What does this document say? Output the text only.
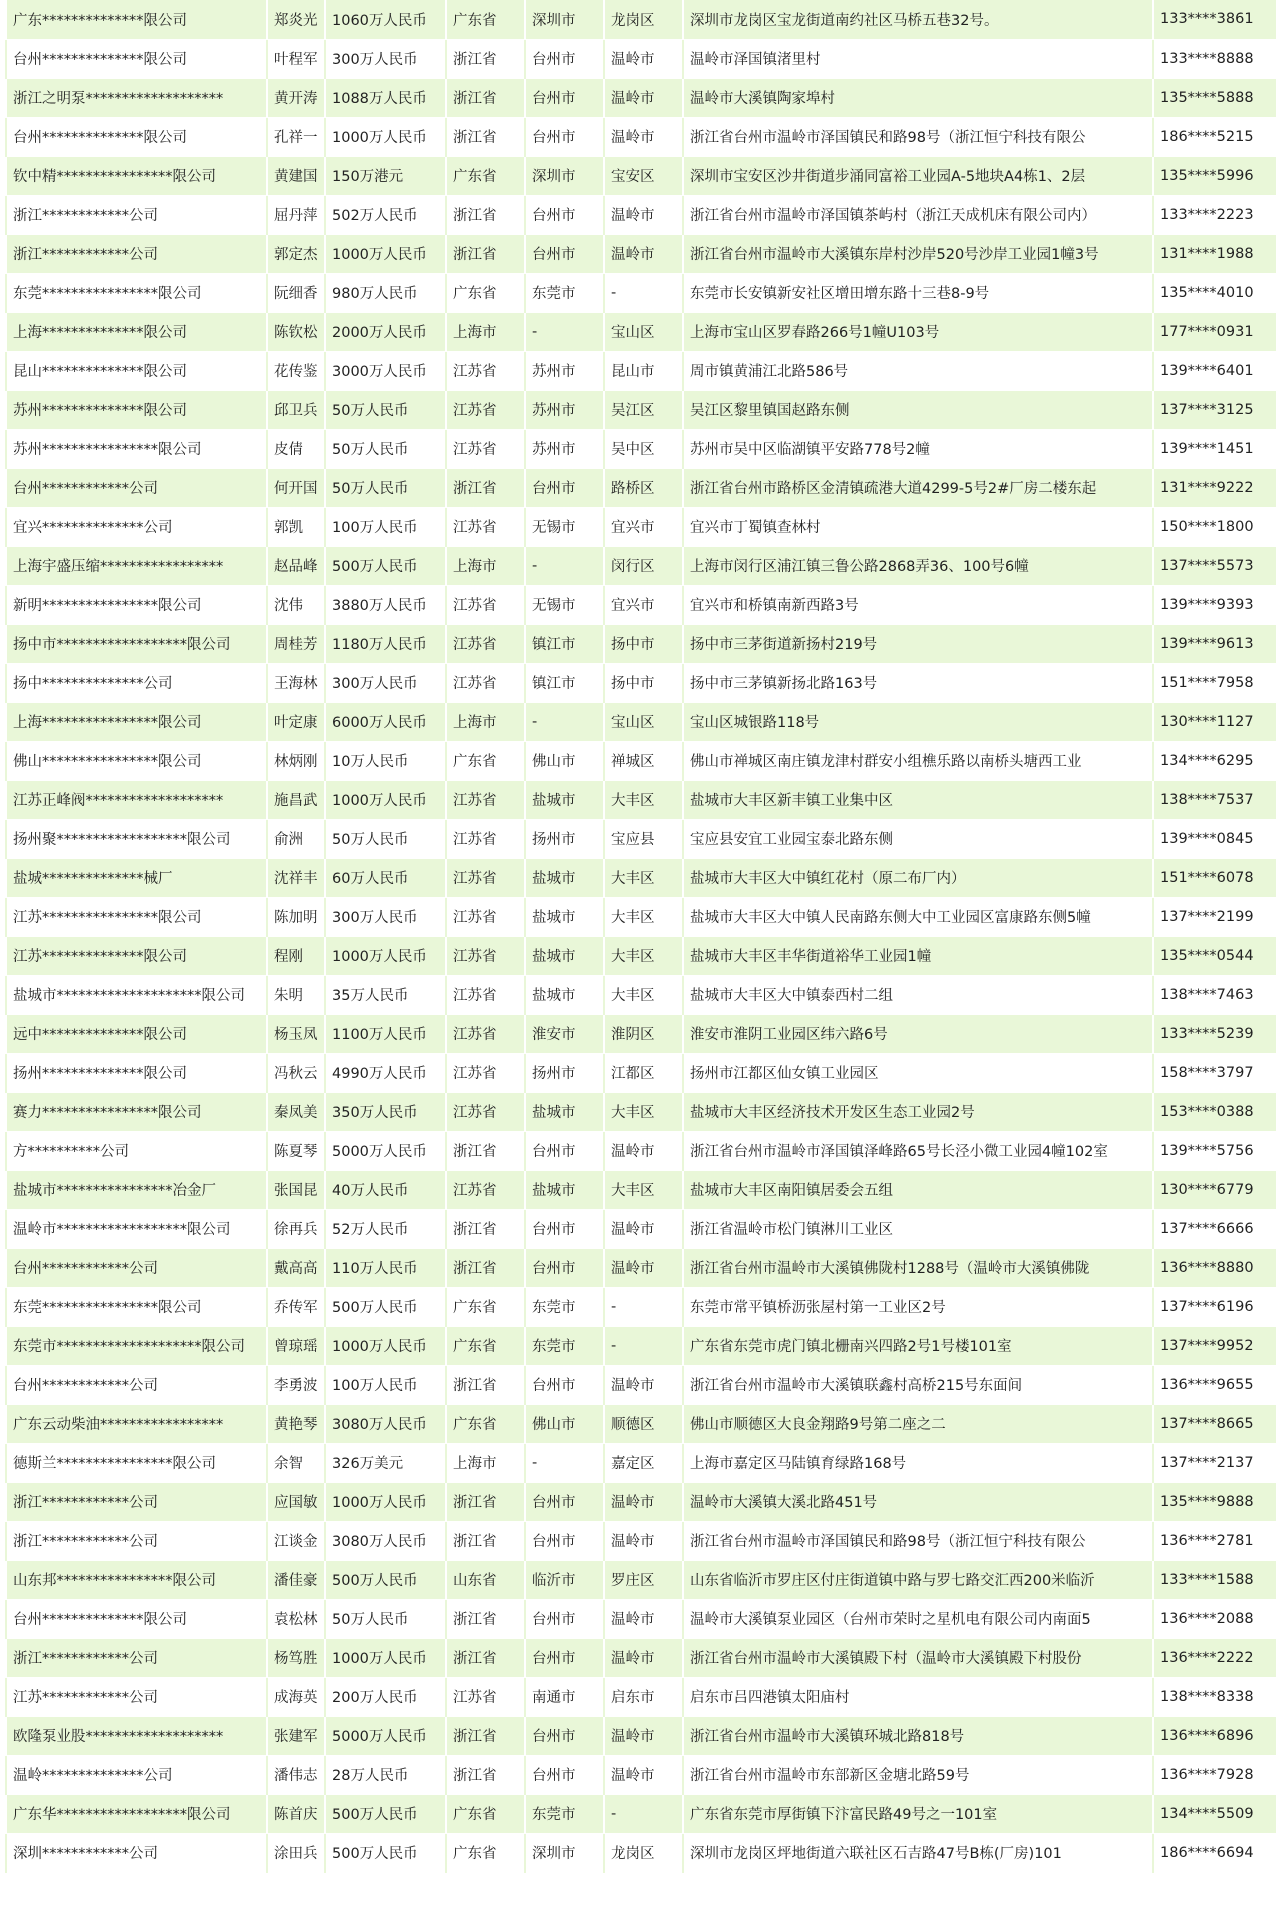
广东**************限公司	郑炎光	1060万人民币	广东省	深圳市	龙岗区	深圳市龙岗区宝龙街道南约社区马桥五巷32号。	133****3861
台州**************限公司	叶程军	300万人民币	浙江省	台州市	温岭市	温岭市泽国镇渚里村	133****8888
浙江之明泵*******************	黄开涛	1088万人民币	浙江省	台州市	温岭市	温岭市大溪镇陶家埠村	135****5888
台州**************限公司	孔祥一	1000万人民币	浙江省	台州市	温岭市	浙江省台州市温岭市泽国镇民和路98号（浙江恒宁科技有限公	186****5215
钦中精****************限公司	黄建国	150万港元	广东省	深圳市	宝安区	深圳市宝安区沙井街道步涌同富裕工业园A-5地块A4栋1、2层	135****5996
浙江************公司	屈丹萍	502万人民币	浙江省	台州市	温岭市	浙江省台州市温岭市泽国镇茶屿村（浙江天成机床有限公司内）	133****2223
浙江************公司	郭定杰	1000万人民币	浙江省	台州市	温岭市	浙江省台州市温岭市大溪镇东岸村沙岸520号沙岸工业园1幢3号	131****1988
东莞****************限公司	阮细香	980万人民币	广东省	东莞市	-	东莞市长安镇新安社区增田增东路十三巷8-9号	135****4010
上海**************限公司	陈钦松	2000万人民币	上海市	-	宝山区	上海市宝山区罗春路266号1幢U103号	177****0931
昆山**************限公司	花传鉴	3000万人民币	江苏省	苏州市	昆山市	周市镇黄浦江北路586号	139****6401
苏州**************限公司	邱卫兵	50万人民币	江苏省	苏州市	吴江区	吴江区黎里镇国赵路东侧	137****3125
苏州****************限公司	皮倩	50万人民币	江苏省	苏州市	吴中区	苏州市吴中区临湖镇平安路778号2幢	139****1451
台州************公司	何开国	50万人民币	浙江省	台州市	路桥区	浙江省台州市路桥区金清镇疏港大道4299-5号2#厂房二楼东起	131****9222
宜兴**************公司	郭凯	100万人民币	江苏省	无锡市	宜兴市	宜兴市丁蜀镇查林村	150****1800
上海宇盛压缩*****************	赵品峰	500万人民币	上海市	-	闵行区	上海市闵行区浦江镇三鲁公路2868弄36、100号6幢	137****5573
新明****************限公司	沈伟	3880万人民币	江苏省	无锡市	宜兴市	宜兴市和桥镇南新西路3号	139****9393
扬中市******************限公司	周桂芳	1180万人民币	江苏省	镇江市	扬中市	扬中市三茅街道新扬村219号	139****9613
扬中**************公司	王海林	300万人民币	江苏省	镇江市	扬中市	扬中市三茅镇新扬北路163号	151****7958
上海****************限公司	叶定康	6000万人民币	上海市	-	宝山区	宝山区城银路118号	130****1127
佛山****************限公司	林炳刚	10万人民币	广东省	佛山市	禅城区	佛山市禅城区南庄镇龙津村群安小组樵乐路以南桥头塘西工业	134****6295
江苏正峰阀*******************	施昌武	1000万人民币	江苏省	盐城市	大丰区	盐城市大丰区新丰镇工业集中区	138****7537
扬州聚******************限公司	俞洲	50万人民币	江苏省	扬州市	宝应县	宝应县安宜工业园宝泰北路东侧	139****0845
盐城**************械厂	沈祥丰	60万人民币	江苏省	盐城市	大丰区	盐城市大丰区大中镇红花村（原二布厂内）	151****6078
江苏****************限公司	陈加明	300万人民币	江苏省	盐城市	大丰区	盐城市大丰区大中镇人民南路东侧大中工业园区富康路东侧5幢	137****2199
江苏**************限公司	程刚	1000万人民币	江苏省	盐城市	大丰区	盐城市大丰区丰华街道裕华工业园1幢	135****0544
盐城市********************限公司	朱明	35万人民币	江苏省	盐城市	大丰区	盐城市大丰区大中镇泰西村二组	138****7463
远中**************限公司	杨玉凤	1100万人民币	江苏省	淮安市	淮阴区	淮安市淮阴工业园区纬六路6号	133****5239
扬州**************限公司	冯秋云	4990万人民币	江苏省	扬州市	江都区	扬州市江都区仙女镇工业园区	158****3797
赛力****************限公司	秦凤美	350万人民币	江苏省	盐城市	大丰区	盐城市大丰区经济技术开发区生态工业园2号	153****0388
方**********公司	陈夏琴	5000万人民币	浙江省	台州市	温岭市	浙江省台州市温岭市泽国镇泽峰路65号长泾小微工业园4幢102室	139****5756
盐城市****************冶金厂	张国昆	40万人民币	江苏省	盐城市	大丰区	盐城市大丰区南阳镇居委会五组	130****6779
温岭市******************限公司	徐再兵	52万人民币	浙江省	台州市	温岭市	浙江省温岭市松门镇淋川工业区	137****6666
台州************公司	戴高高	110万人民币	浙江省	台州市	温岭市	浙江省台州市温岭市大溪镇佛陇村1288号（温岭市大溪镇佛陇	136****8880
东莞****************限公司	乔传军	500万人民币	广东省	东莞市	-	东莞市常平镇桥沥张屋村第一工业区2号	137****6196
东莞市********************限公司	曾琼瑶	1000万人民币	广东省	东莞市	-	广东省东莞市虎门镇北栅南兴四路2号1号楼101室	137****9952
台州************公司	李勇波	100万人民币	浙江省	台州市	温岭市	浙江省台州市温岭市大溪镇联鑫村高桥215号东面间	136****9655
广东云动柴油*****************	黄艳琴	3080万人民币	广东省	佛山市	顺德区	佛山市顺德区大良金翔路9号第二座之二	137****8665
德斯兰****************限公司	余智	326万美元	上海市	-	嘉定区	上海市嘉定区马陆镇育绿路168号	137****2137
浙江************公司	应国敏	1000万人民币	浙江省	台州市	温岭市	温岭市大溪镇大溪北路451号	135****9888
浙江************公司	江谈金	3080万人民币	浙江省	台州市	温岭市	浙江省台州市温岭市泽国镇民和路98号（浙江恒宁科技有限公	136****2781
山东邦****************限公司	潘佳豪	500万人民币	山东省	临沂市	罗庄区	山东省临沂市罗庄区付庄街道镇中路与罗七路交汇西200米临沂	133****1588
台州**************限公司	袁松林	50万人民币	浙江省	台州市	温岭市	温岭市大溪镇泵业园区（台州市荣时之星机电有限公司内南面5	136****2088
浙江************公司	杨笃胜	1000万人民币	浙江省	台州市	温岭市	浙江省台州市温岭市大溪镇殿下村（温岭市大溪镇殿下村股份	136****2222
江苏************公司	成海英	200万人民币	江苏省	南通市	启东市	启东市吕四港镇太阳庙村	138****8338
欧隆泵业股*******************	张建军	5000万人民币	浙江省	台州市	温岭市	浙江省台州市温岭市大溪镇环城北路818号	136****6896
温岭**************公司	潘伟志	28万人民币	浙江省	台州市	温岭市	浙江省台州市温岭市东部新区金塘北路59号	136****7928
广东华******************限公司	陈首庆	500万人民币	广东省	东莞市	-	广东省东莞市厚街镇下汴富民路49号之一101室	134****5509
深圳************公司	涂田兵	500万人民币	广东省	深圳市	龙岗区	深圳市龙岗区坪地街道六联社区石吉路47号B栋(厂房)101	186****6694
